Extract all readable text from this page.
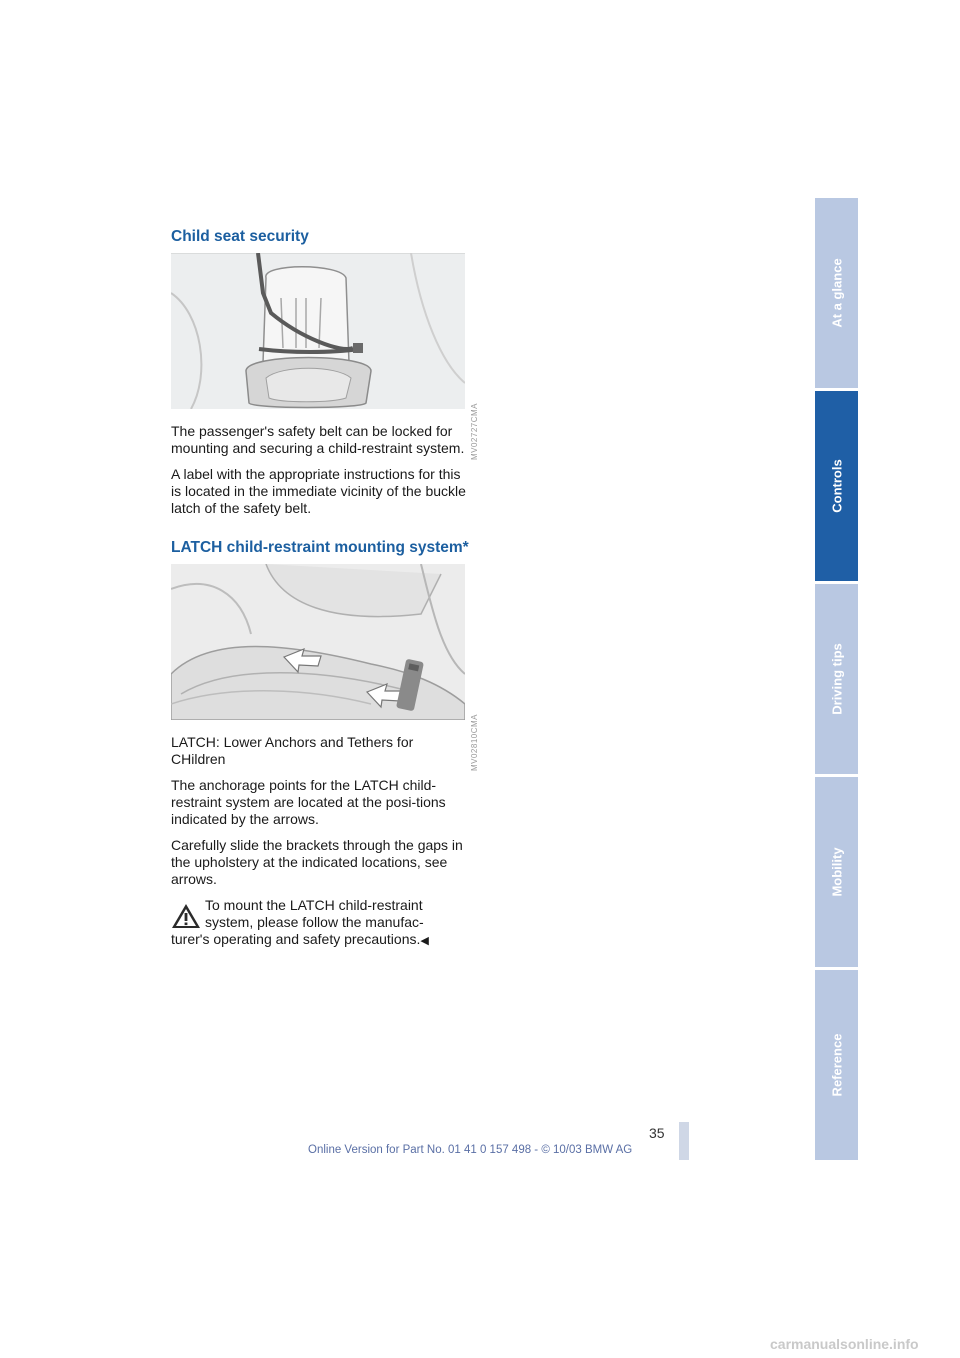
Child seat security
MV02727CMA

The passenger's safety belt can be locked for mounting and securing a child-restraint system.

A label with the appropriate instructions for this is located in the immediate vicinity of the buckle latch of the safety belt.

LATCH child-restraint mounting system*
MV02810CMA

LATCH: Lower Anchors and Tethers for CHildren

The anchorage points for the LATCH child-restraint system are located at the posi-tions indicated by the arrows.

Carefully slide the brackets through the gaps in the upholstery at the indicated locations, see arrows.

To mount the LATCH child-restraint system, please follow the manufac-

turer's operating and safety precautions.◀

At a glance
Controls
Driving tips
Mobility
Reference
35
Online Version for Part No. 01 41 0 157 498 - © 10/03 BMW AG
carmanualsonline.info
